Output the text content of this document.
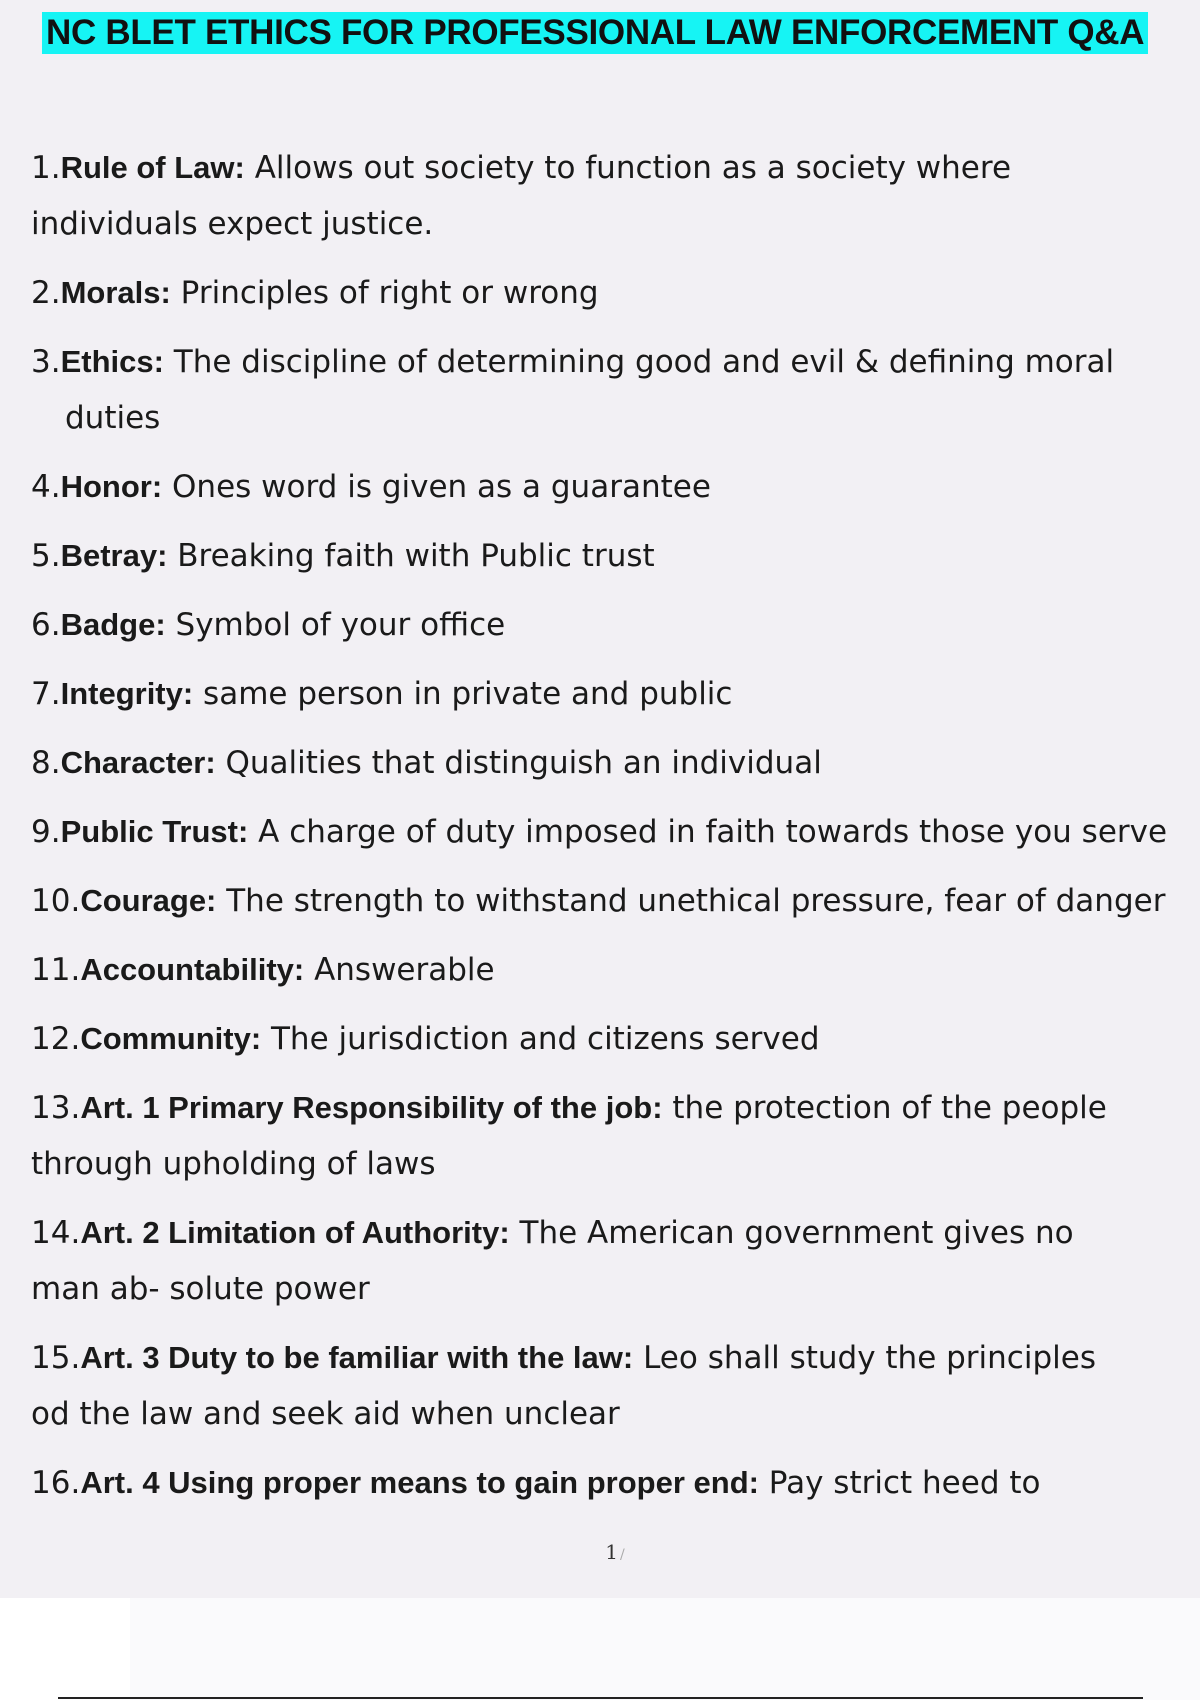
NC BLET ETHICS FOR PROFESSIONAL LAW ENFORCEMENT Q&A
1.Rule of Law: Allows out society to function as a society where
individuals expect justice.
2.Morals: Principles of right or wrong
3.Ethics: The discipline of determining good and evil & defining moral
duties
4.Honor: Ones word is given as a guarantee
5.Betray: Breaking faith with Public trust
6.Badge: Symbol of your office
7.Integrity: same person in private and public
8.Character: Qualities that distinguish an individual
9.Public Trust: A charge of duty imposed in faith towards those you serve
10.Courage: The strength to withstand unethical pressure, fear of danger
11.Accountability: Answerable
12.Community: The jurisdiction and citizens served
13.Art. 1 Primary Responsibility of the job: the protection of the people
through upholding of laws
14.Art. 2 Limitation of Authority: The American government gives no
man ab- solute power
15.Art. 3 Duty to be familiar with the law: Leo shall study the principles
od the law and seek aid when unclear
16.Art. 4 Using proper means to gain proper end: Pay strict heed to
1 /
